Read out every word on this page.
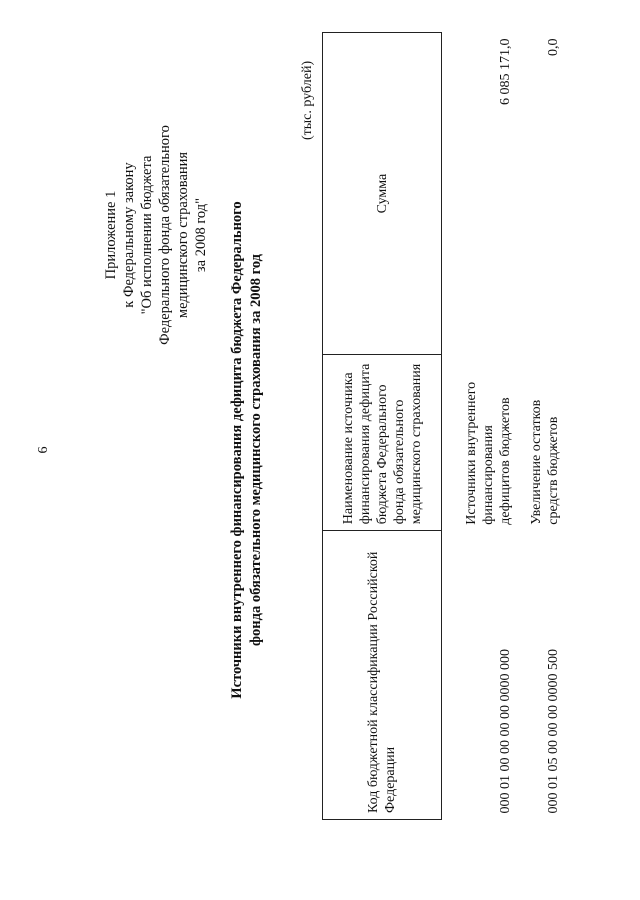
6
Приложение 1 к Федеральному закону "Об исполнении бюджета Федерального фонда обязательного медицинского страхования за 2008 год" Источники внутреннего финансирования дефицита бюджета Федерального фонда обязательного медицинского страхования за 2008 год
(тыс. рублей)
Код бюджетной классификации Российской Федерации	Наименование источника финансирования дефицита бюджета Федерального фонда обязательного медицинского страхования	Сумма
000 01 00 00 00 00 0000 000	Источники внутреннего финансирования дефицитов бюджетов	6 085 171,0
000 01 05 00 00 00 0000 500	Увеличение остатков средств бюджетов	0,0
